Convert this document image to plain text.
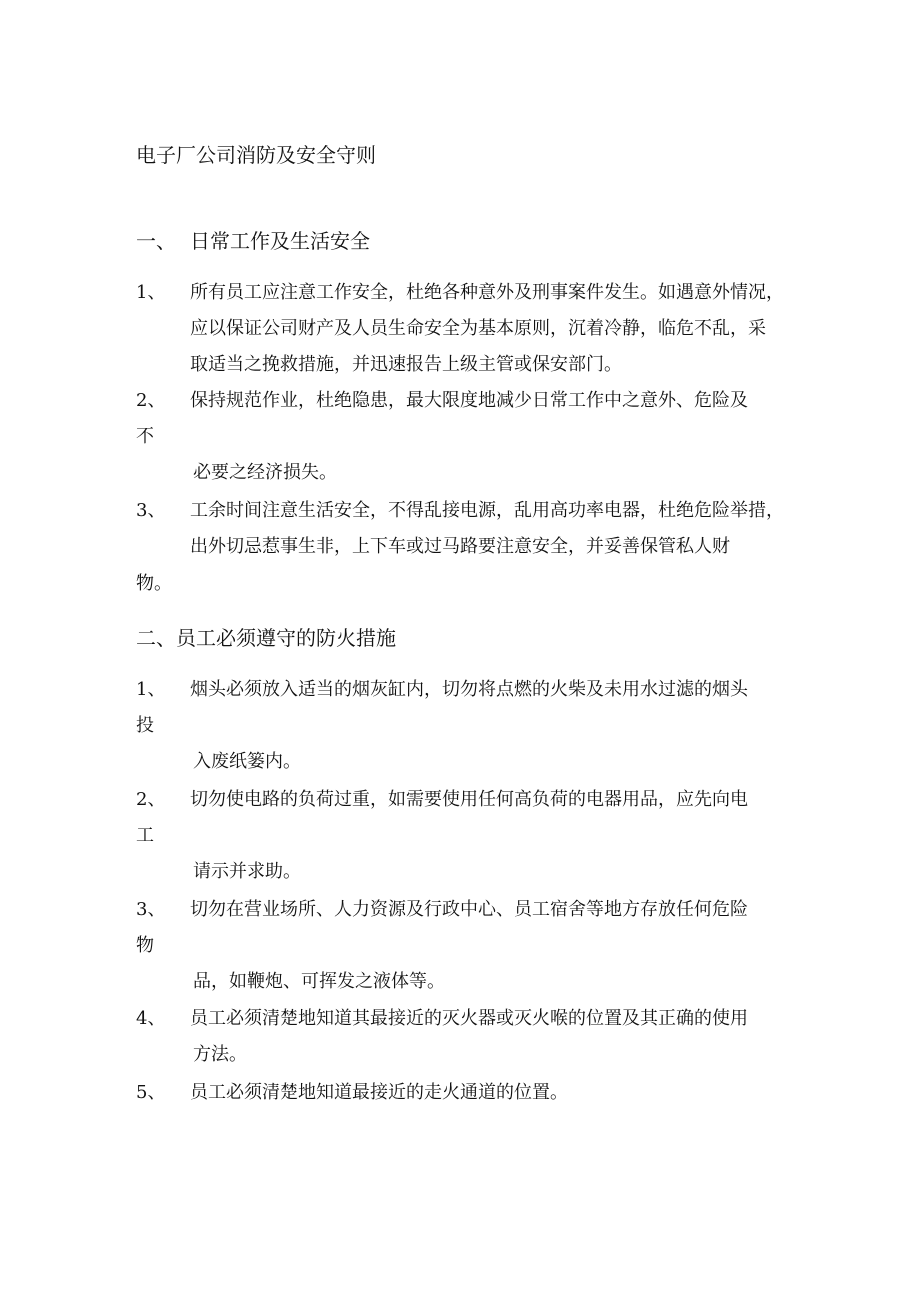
电子厂公司消防及安全守则

一、 日常工作及生活安全

1、 所有员工应注意工作安全，杜绝各种意外及刑事案件发生。如遇意外情况，

应以保证公司财产及人员生命安全为基本原则，沉着冷静，临危不乱，采

取适当之挽救措施，并迅速报告上级主管或保安部门。

2、 保持规范作业，杜绝隐患，最大限度地减少日常工作中之意外、危险及

不

必要之经济损失。

3、 工余时间注意生活安全，不得乱接电源，乱用高功率电器，杜绝危险举措，

出外切忌惹事生非，上下车或过马路要注意安全，并妥善保管私人财

物。

二、员工必须遵守的防火措施

1、 烟头必须放入适当的烟灰缸内，切勿将点燃的火柴及未用水过滤的烟头

投

入废纸篓内。

2、 切勿使电路的负荷过重，如需要使用任何高负荷的电器用品，应先向电

工

请示并求助。

3、 切勿在营业场所、人力资源及行政中心、员工宿舍等地方存放任何危险

物

品，如鞭炮、可挥发之液体等。

4、 员工必须清楚地知道其最接近的灭火器或灭火喉的位置及其正确的使用

方法。

5、 员工必须清楚地知道最接近的走火通道的位置。
